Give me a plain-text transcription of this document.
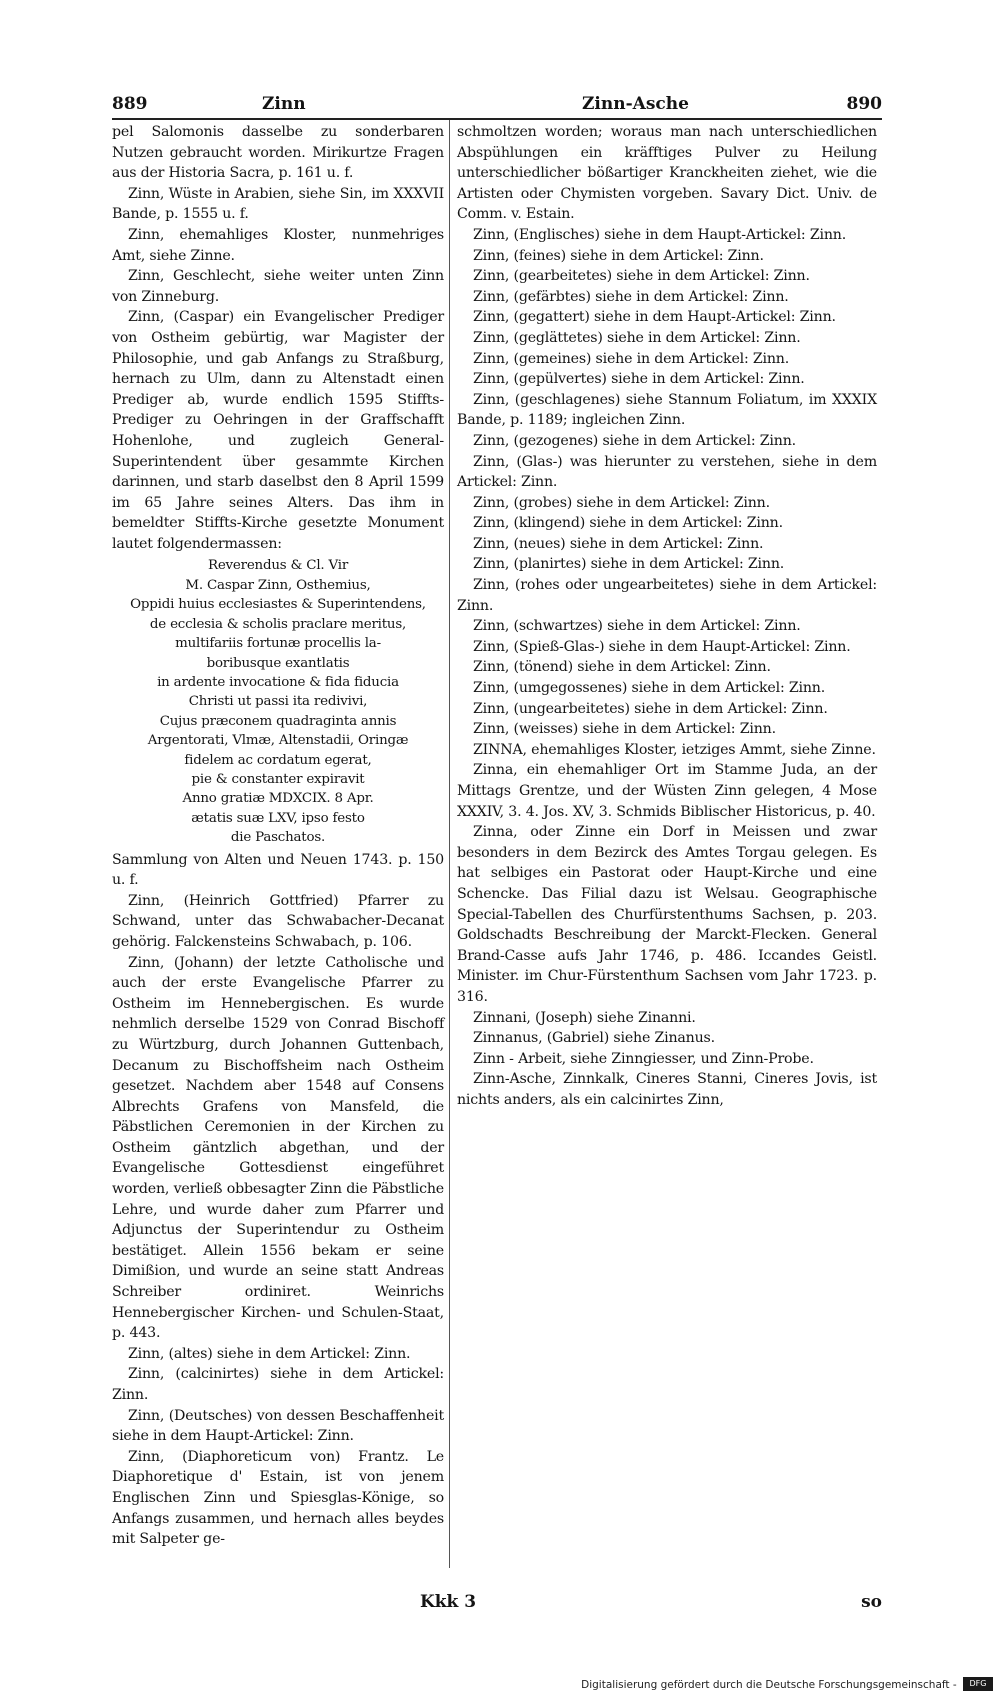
889	Zinn	Zinn-Asche	890

pel Salomonis dasselbe zu sonderbaren Nutzen gebraucht worden. Mirikurtze Fragen aus der Historia Sacra, p. 161 u. f.

Zinn, Wüste in Arabien, siehe Sin, im XXXVII Bande, p. 1555 u. f.

Zinn, ehemahliges Kloster, nunmehriges Amt, siehe Zinne.

Zinn, Geschlecht, siehe weiter unten Zinn von Zinneburg.

Zinn, (Caspar) ein Evangelischer Prediger von Ostheim gebürtig, war Magister der Philosophie, und gab Anfangs zu Straßburg, hernach zu Ulm, dann zu Altenstadt einen Prediger ab, wurde endlich 1595 Stiffts-Prediger zu Oehringen in der Graffschafft Hohenlohe, und zugleich General-Superintendent über gesammte Kirchen darinnen, und starb daselbst den 8 April 1599 im 65 Jahre seines Alters. Das ihm in bemeldter Stiffts-Kirche gesetzte Monument lautet folgendermassen:

Reverendus & Cl. Vir
M. Caspar Zinn, Osthemius,
Oppidi huius ecclesiastes & Superintendens,
de ecclesia & scholis praclare meritus,
multifariis fortunæ procellis la-
boribusque exantlatis
in ardente invocatione & fida fiducia
Christi ut passi ita redivivi,
Cujus præconem quadraginta annis
Argentorati, Vlmæ, Altenstadii, Oringæ
fidelem ac cordatum egerat,
pie & constanter expiravit
Anno gratiæ MDXCIX. 8 Apr.
ætatis suæ LXV, ipso festo
die Paschatos.

Sammlung von Alten und Neuen 1743. p. 150 u. f.

Zinn, (Heinrich Gottfried) Pfarrer zu Schwand, unter das Schwabacher-Decanat gehörig. Falckensteins Schwabach, p. 106.

Zinn, (Johann) der letzte Catholische und auch der erste Evangelische Pfarrer zu Ostheim im Hennebergischen. Es wurde nehmlich derselbe 1529 von Conrad Bischoff zu Würtzburg, durch Johannen Guttenbach, Decanum zu Bischoffsheim nach Ostheim gesetzet. Nachdem aber 1548 auf Consens Albrechts Grafens von Mansfeld, die Päbstlichen Ceremonien in der Kirchen zu Ostheim gäntzlich abgethan, und der Evangelische Gottesdienst eingeführet worden, verließ obbesagter Zinn die Päbstliche Lehre, und wurde daher zum Pfarrer und Adjunctus der Superintendur zu Ostheim bestätiget. Allein 1556 bekam er seine Dimißion, und wurde an seine statt Andreas Schreiber ordiniret. Weinrichs Hennebergischer Kirchen- und Schulen-Staat, p. 443.

Zinn, (altes) siehe in dem Artickel: Zinn.

Zinn, (calcinirtes) siehe in dem Artickel: Zinn.

Zinn, (Deutsches) von dessen Beschaffenheit siehe in dem Haupt-Artickel: Zinn.

Zinn, (Diaphoreticum von) Frantz. Le Diaphoretique d' Estain, ist von jenem Englischen Zinn und Spiesglas-Könige, so Anfangs zusammen, und hernach alles beydes mit Salpeter ge-

schmoltzen worden; woraus man nach unterschiedlichen Abspühlungen ein kräfftiges Pulver zu Heilung unterschiedlicher bößartiger Kranckheiten ziehet, wie die Artisten oder Chymisten vorgeben. Savary Dict. Univ. de Comm. v. Estain.

Zinn, (Englisches) siehe in dem Haupt-Artickel: Zinn.

Zinn, (feines) siehe in dem Artickel: Zinn.

Zinn, (gearbeitetes) siehe in dem Artickel: Zinn.

Zinn, (gefärbtes) siehe in dem Artickel: Zinn.

Zinn, (gegattert) siehe in dem Haupt-Artickel: Zinn.

Zinn, (geglättetes) siehe in dem Artickel: Zinn.

Zinn, (gemeines) siehe in dem Artickel: Zinn.

Zinn, (gepülvertes) siehe in dem Artickel: Zinn.

Zinn, (geschlagenes) siehe Stannum Foliatum, im XXXIX Bande, p. 1189; ingleichen Zinn.

Zinn, (gezogenes) siehe in dem Artickel: Zinn.

Zinn, (Glas-) was hierunter zu verstehen, siehe in dem Artickel: Zinn.

Zinn, (grobes) siehe in dem Artickel: Zinn.

Zinn, (klingend) siehe in dem Artickel: Zinn.

Zinn, (neues) siehe in dem Artickel: Zinn.

Zinn, (planirtes) siehe in dem Artickel: Zinn.

Zinn, (rohes oder ungearbeitetes) siehe in dem Artickel: Zinn.

Zinn, (schwartzes) siehe in dem Artickel: Zinn.

Zinn, (Spieß-Glas-) siehe in dem Haupt-Artickel: Zinn.

Zinn, (tönend) siehe in dem Artickel: Zinn.

Zinn, (umgegossenes) siehe in dem Artickel: Zinn.

Zinn, (ungearbeitetes) siehe in dem Artickel: Zinn.

Zinn, (weisses) siehe in dem Artickel: Zinn.

ZINNA, ehemahliges Kloster, ietziges Ammt, siehe Zinne.

Zinna, ein ehemahliger Ort im Stamme Juda, an der Mittags Grentze, und der Wüsten Zinn gelegen, 4 Mose XXXIV, 3. 4. Jos. XV, 3. Schmids Biblischer Historicus, p. 40.

Zinna, oder Zinne ein Dorf in Meissen und zwar besonders in dem Bezirck des Amtes Torgau gelegen. Es hat selbiges ein Pastorat oder Haupt-Kirche und eine Schencke. Das Filial dazu ist Welsau. Geographische Special-Tabellen des Churfürstenthums Sachsen, p. 203. Goldschadts Beschreibung der Marckt-Flecken. General Brand-Casse aufs Jahr 1746, p. 486. Iccandes Geistl. Minister. im Chur-Fürstenthum Sachsen vom Jahr 1723. p. 316.

Zinnani, (Joseph) siehe Zinanni.

Zinnanus, (Gabriel) siehe Zinanus.

Zinn - Arbeit, siehe Zinngiesser, und Zinn-Probe.

Zinn-Asche, Zinnkalk, Cineres Stanni, Cineres Jovis, ist nichts anders, als ein calcinirtes Zinn,

Kkk 3	so
Digitalisierung gefördert durch die Deutsche Forschungsgemeinschaft -	DFG
